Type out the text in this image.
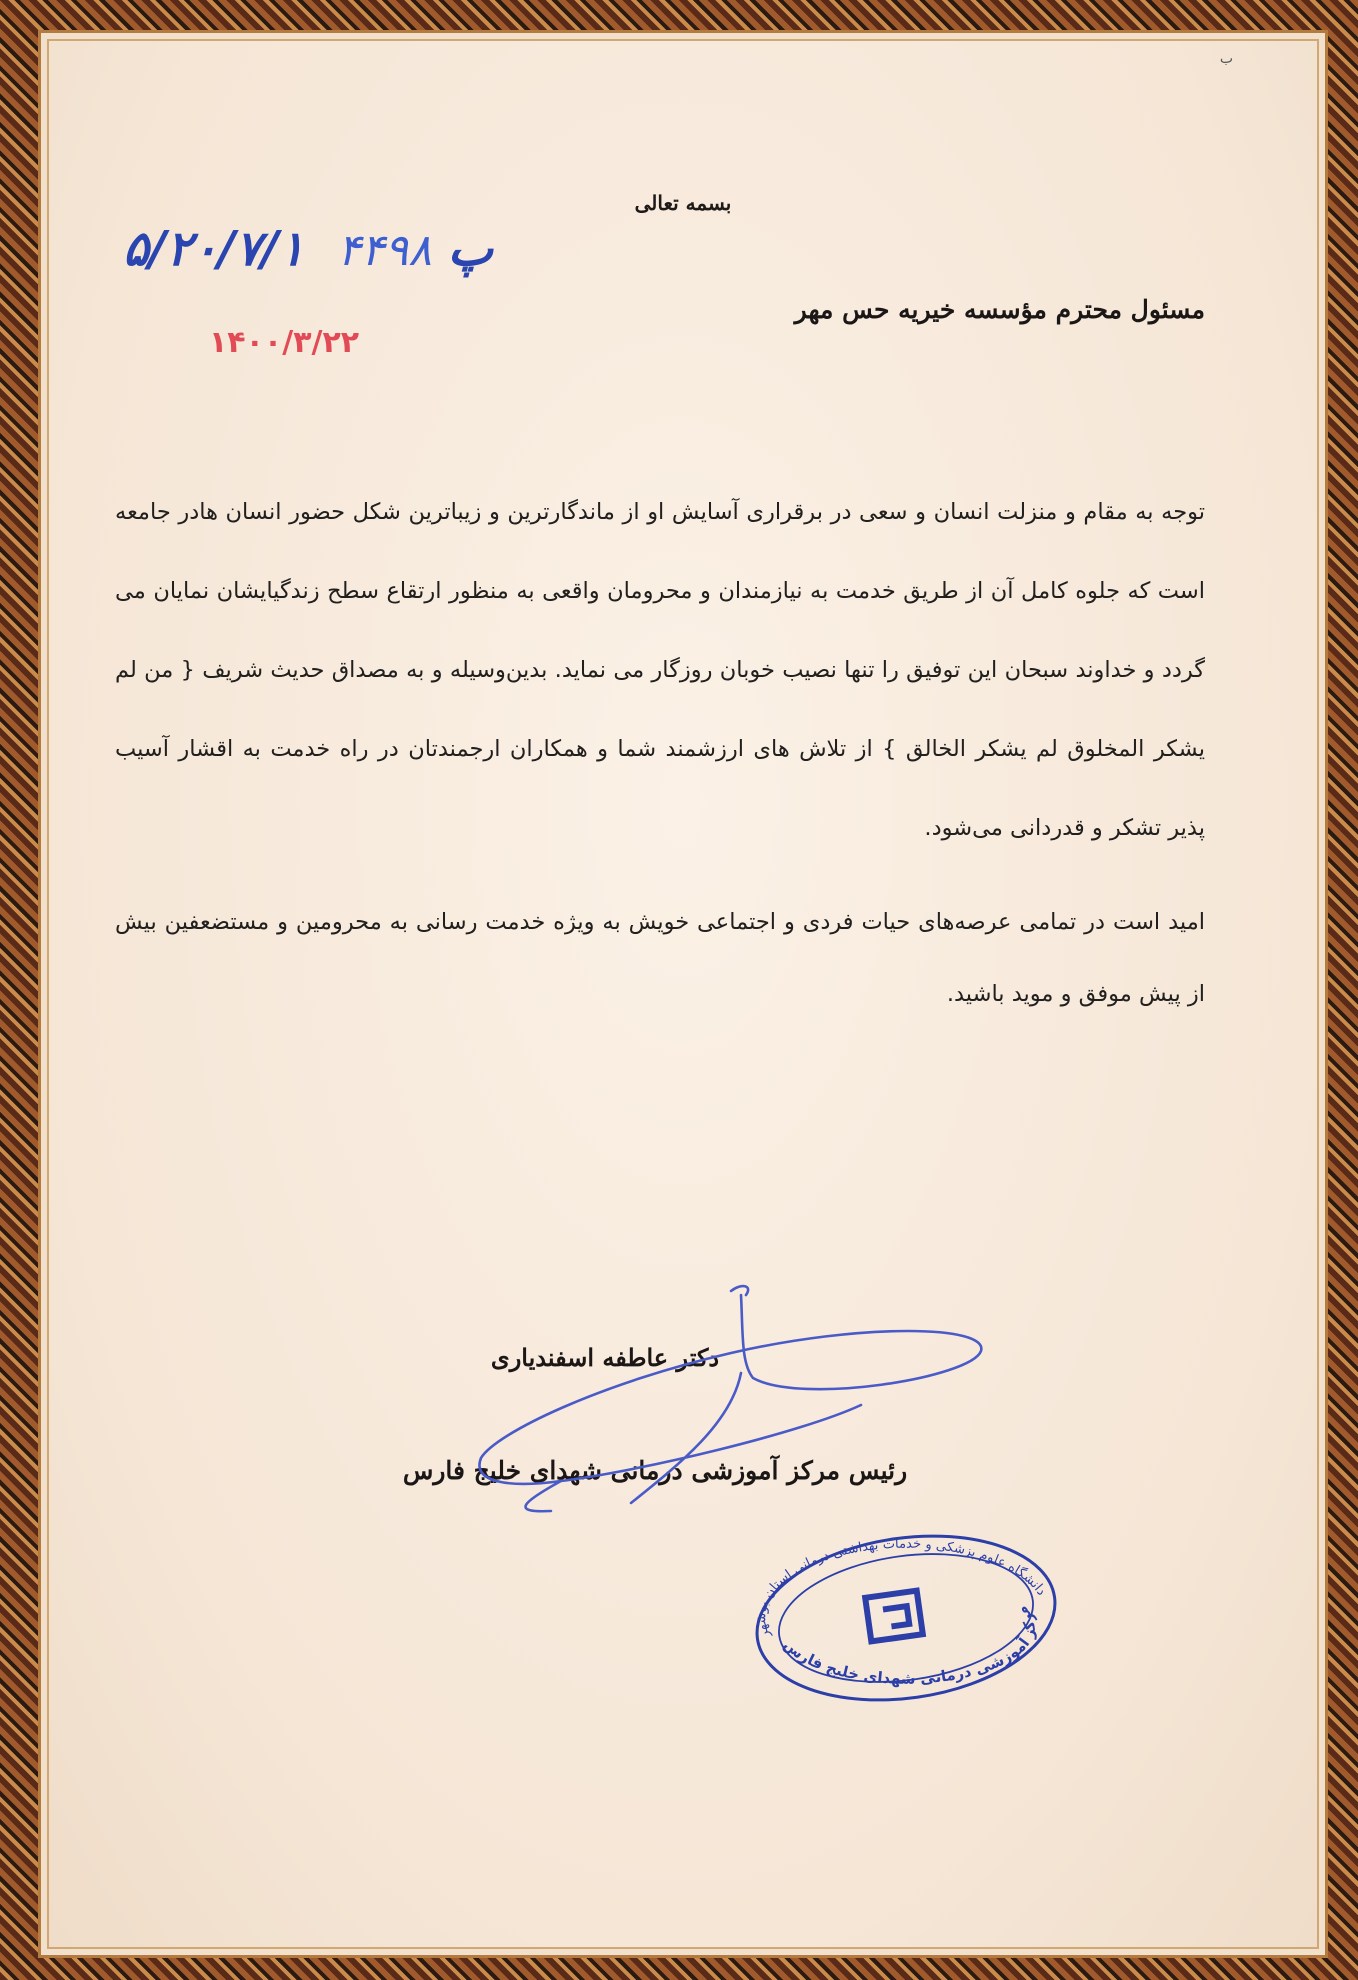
ب
بسمه تعالی
۵/۲۰/۷/۱ پ ۴۴۹۸
۱۴۰۰/۳/۲۲
مسئول محترم مؤسسه خیریه حس مهر

توجه به مقام و منزلت انسان و سعی در برقراری آسایش او از ماندگارترین و زیباترین شکل حضور انسان هادر جامعه است که جلوه کامل آن از طریق خدمت به نیازمندان و محرومان واقعی به منظور ارتقاع سطح زندگیایشان نمایان می گردد و خداوند سبحان این توفیق را تنها نصیب خوبان روزگار می نماید. بدین‌وسیله و به مصداق حدیث شریف { من لم یشکر المخلوق لم یشکر الخالق } از تلاش های ارزشمند شما و همکاران ارجمندتان در راه خدمت به اقشار آسیب پذیر تشکر و قدردانی می‌شود.

امید است در تمامی عرصه‌های حیات فردی و اجتماعی خویش به ویژه خدمت رسانی به محرومین و مستضعفین بیش از پیش موفق و موید باشید.

دکتر عاطفه اسفندیاری
رئیس مرکز آموزشی درمانی شهدای خلیج فارس
دانشگاه علوم پزشکی و خدمات بهداشتی درمانی استان بوشهر
مرکز آموزشی درمانی شهدای خلیج فارس
